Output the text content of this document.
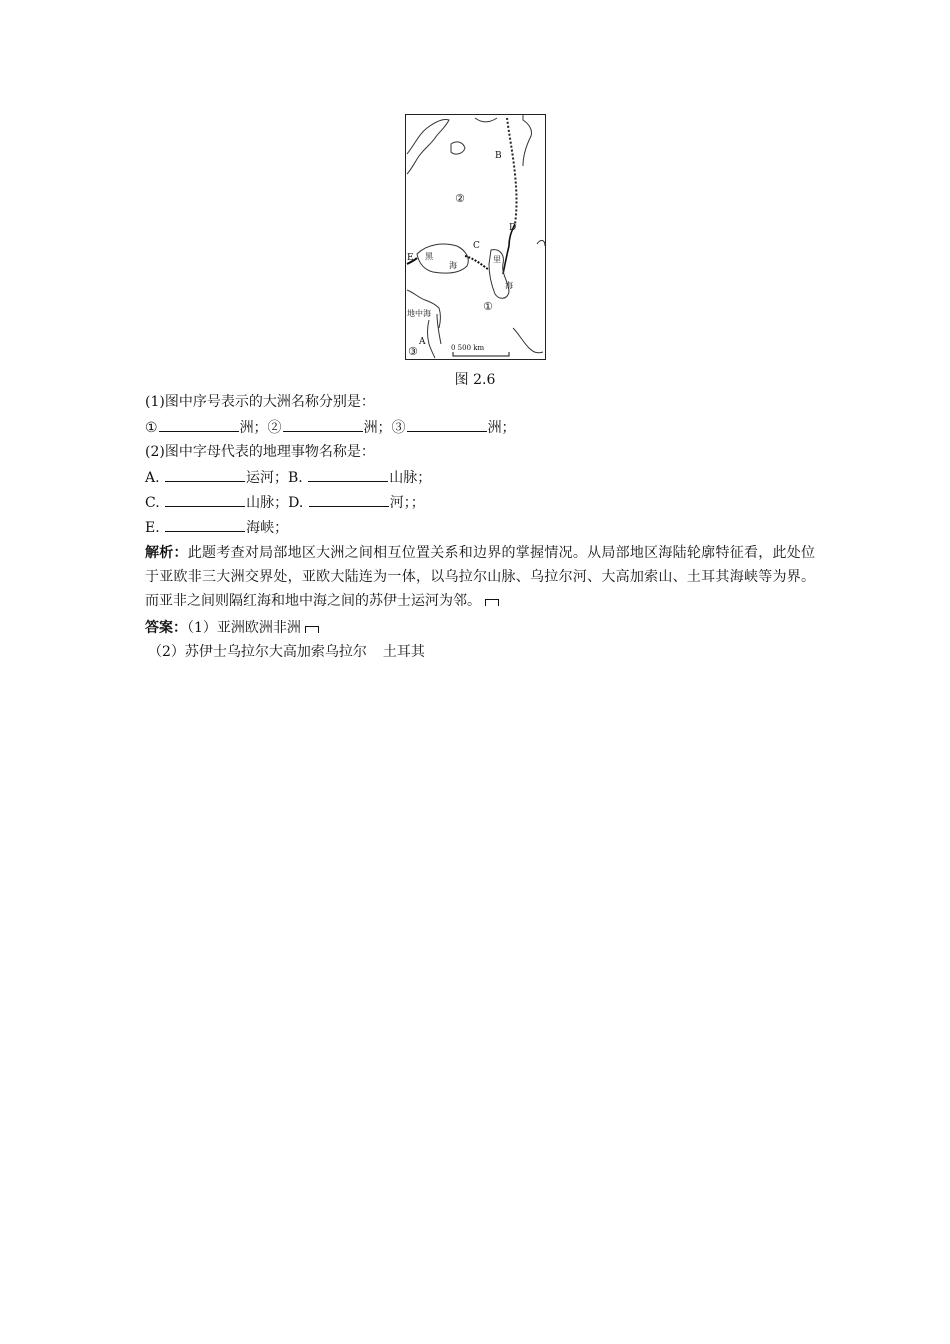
B
D
C
E
A
②
①
③
黑
海
里
海
地中海
0 500 km
图 2.6
(1)图中序号表示的大洲名称分别是：
①	洲；②	洲；③	洲；
(2)图中字母代表的地理事物名称是：
A.	运河；B.	山脉；
C.	山脉；D.	河；；
E.	海峡；
解析：此题考查对局部地区大洲之间相互位置关系和边界的掌握情况。从局部地区海陆轮廓特征看，此处位于亚欧非三大洲交界处，亚欧大陆连为一体，以乌拉尔山脉、乌拉尔河、大高加索山、土耳其海峡等为界。而亚非之间则隔红海和地中海之间的苏伊士运河为邻。
答案：（1）亚洲欧洲非洲
（2）苏伊士乌拉尔大高加索乌拉尔 土耳其
